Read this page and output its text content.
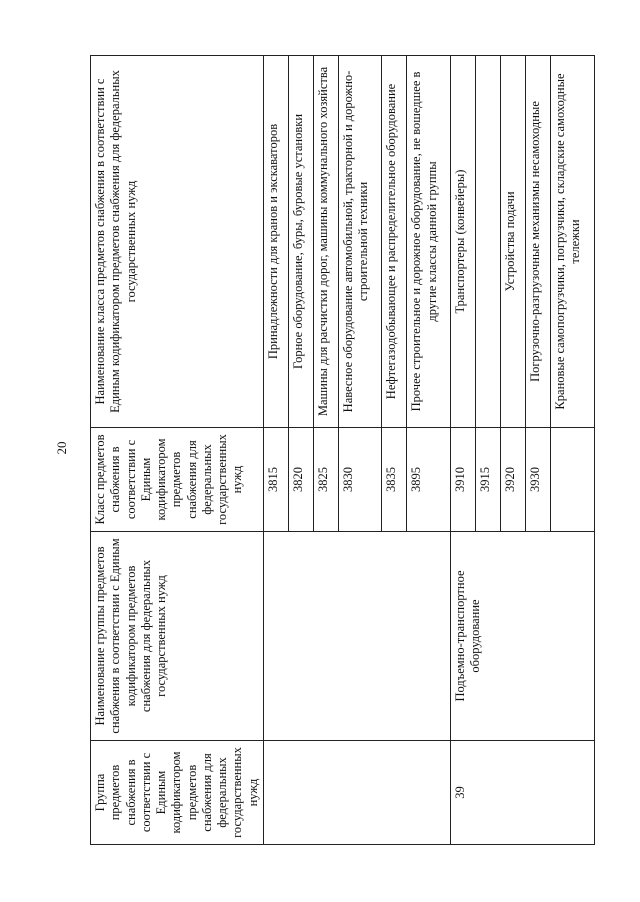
20
Группа предметов снабжения в соответствии с Единым кодификатором предметов снабжения для федеральных государственных нужд	Наименование группы предметов снабжения в соответствии с Единым кодификатором предметов снабжения для федеральных государственных нужд	Класс предметов снабжения в соответствии с Единым кодификатором предметов снабжения для федеральных государственных нужд	Наименование класса предметов снабжения в соответствии с Единым кодификатором предметов снабжения для федеральных государственных нужд
		3815	Принадлежности для кранов и экскаваторов
		3820	Горное оборудование, буры, буровые установки
		3825	Машины для расчистки дорог, машины коммунального хозяйства
		3830	Навесное оборудование автомобильной, тракторной и дорожно-строительной техники
		3835	Нефтегазодобывающее и распределительное оборудование
		3895	Прочее строительное и дорожное оборудование, не вошедшее в другие классы данной группы
39	Подъемно-транспортное оборудование	3910	Транспортеры (конвейеры)
		3915	
		3920	Устройства подачи
		3930	Погрузочно-разгрузочные механизмы несамоходные
			Крановые самопогрузчики, погрузчики, складские самоходные тележки
